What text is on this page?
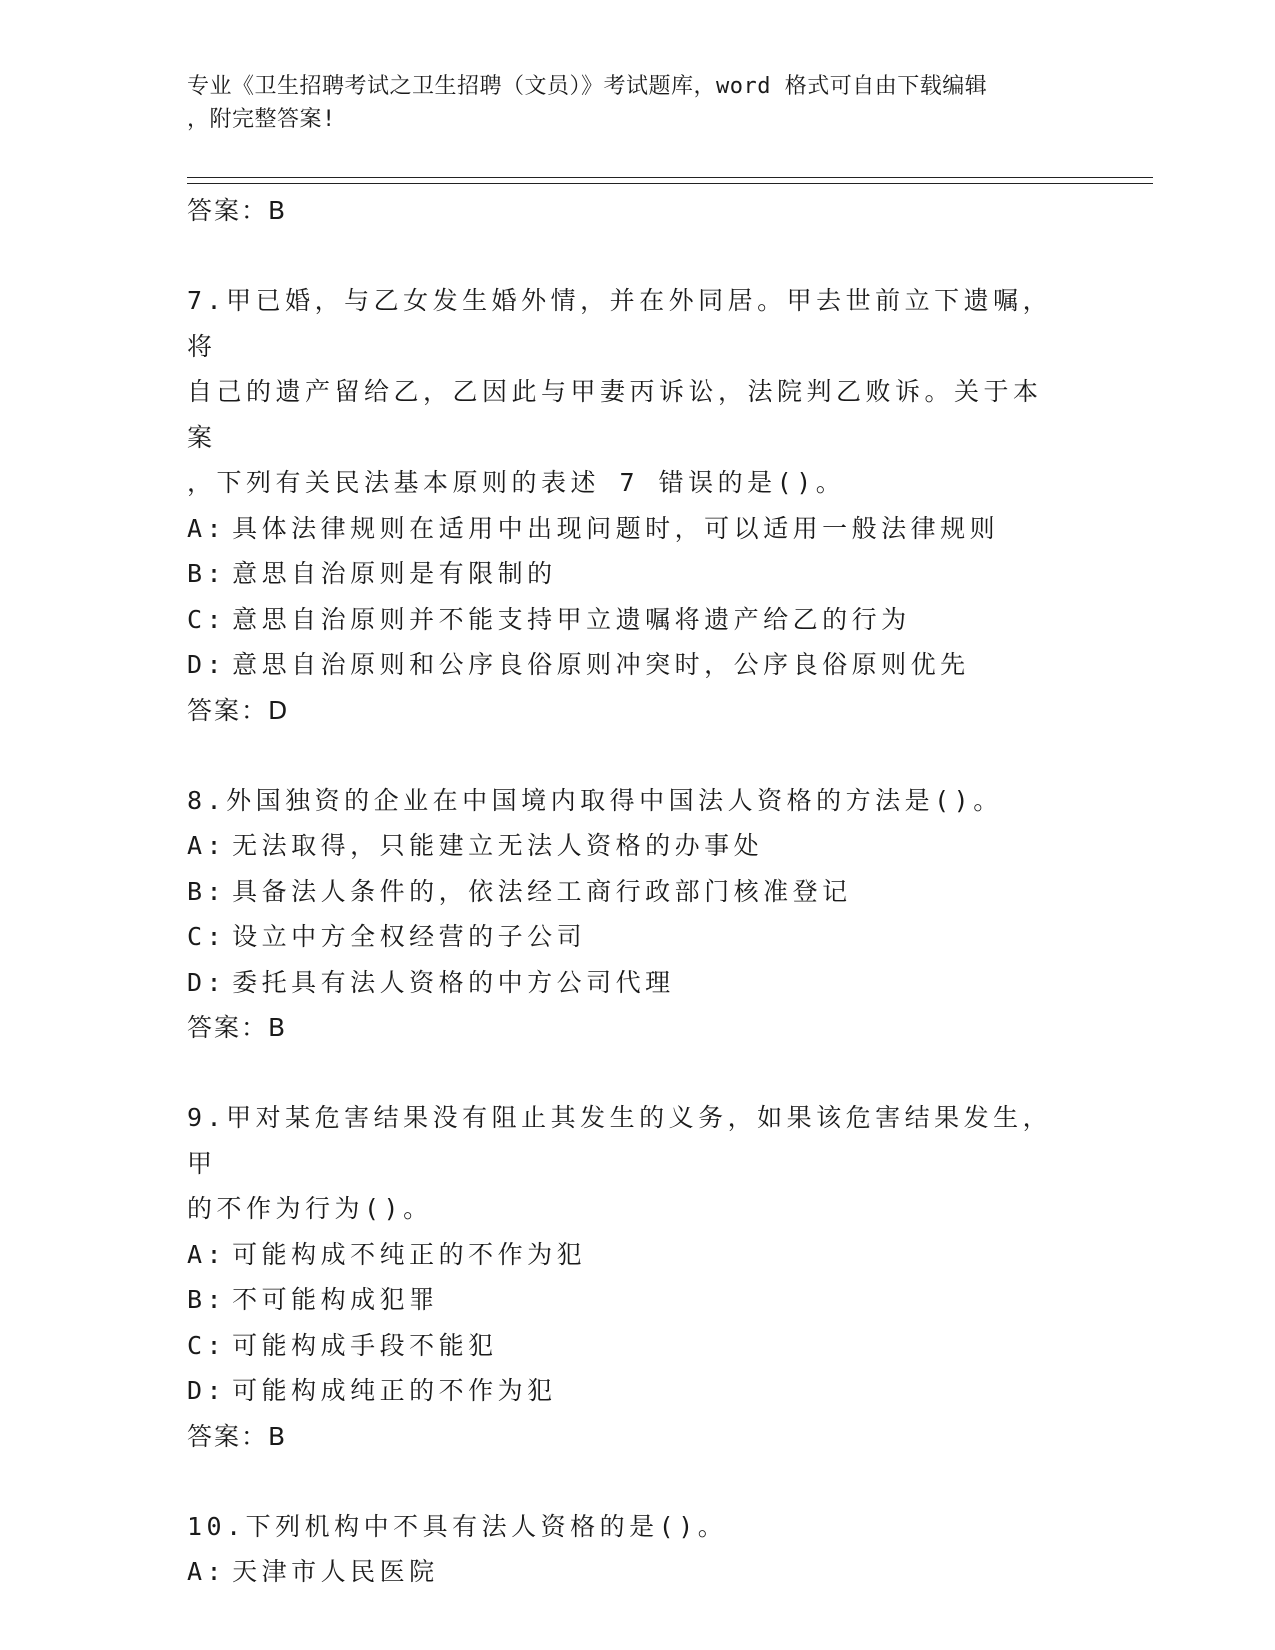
专业《卫生招聘考试之卫生招聘（文员）》考试题库，word 格式可自由下载编辑
，附完整答案!
答案：B
7.甲已婚，与乙女发生婚外情，并在外同居。甲去世前立下遗嘱，将
自己的遗产留给乙，乙因此与甲妻丙诉讼，法院判乙败诉。关于本案
，下列有关民法基本原则的表述 7 错误的是()。
A: 具体法律规则在适用中出现问题时，可以适用一般法律规则
B: 意思自治原则是有限制的
C: 意思自治原则并不能支持甲立遗嘱将遗产给乙的行为
D: 意思自治原则和公序良俗原则冲突时，公序良俗原则优先
答案：D
8.外国独资的企业在中国境内取得中国法人资格的方法是()。
A: 无法取得，只能建立无法人资格的办事处
B: 具备法人条件的，依法经工商行政部门核准登记
C: 设立中方全权经营的子公司
D: 委托具有法人资格的中方公司代理
答案：B
9.甲对某危害结果没有阻止其发生的义务，如果该危害结果发生，甲
的不作为行为()。
A: 可能构成不纯正的不作为犯
B: 不可能构成犯罪
C: 可能构成手段不能犯
D: 可能构成纯正的不作为犯
答案：B
10.下列机构中不具有法人资格的是()。
A: 天津市人民医院
